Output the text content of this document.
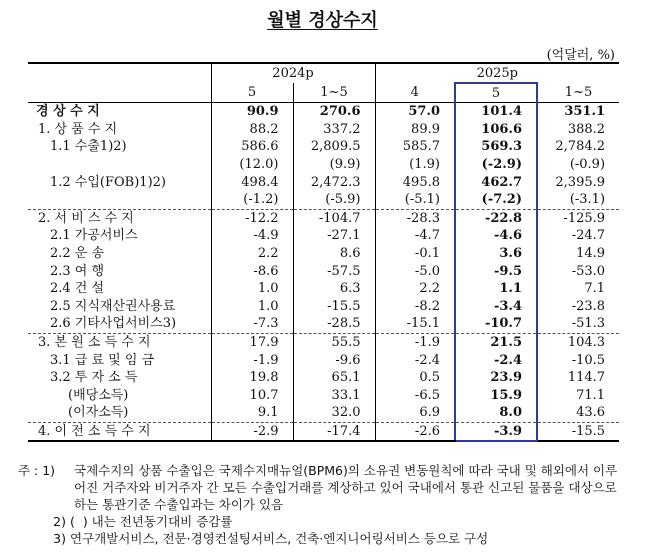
월별 경상수지
(억달러, %)
	2024p		2025p		
	5	1~5	4	5	1~5
경 상 수 지	90.9	270.6	57.0	101.4	351.1
1. 상 품 수 지	88.2	337.2	89.9	106.6	388.2
1.1 수출1)2)	586.6	2,809.5	585.7	569.3	2,784.2
	(12.0)	(9.9)	(1.9)	(-2.9)	(-0.9)
1.2 수입(FOB)1)2)	498.4	2,472.3	495.8	462.7	2,395.9
	(-1.2)	(-5.9)	(-5.1)	(-7.2)	(-3.1)
2. 서 비 스 수 지	-12.2	-104.7	-28.3	-22.8	-125.9
2.1 가공서비스	-4.9	-27.1	-4.7	-4.6	-24.7
2.2 운 송	2.2	8.6	-0.1	3.6	14.9
2.3 여 행	-8.6	-57.5	-5.0	-9.5	-53.0
2.4 건 설	1.0	6.3	2.2	1.1	7.1
2.5 지식재산권사용료	1.0	-15.5	-8.2	-3.4	-23.8
2.6 기타사업서비스3)	-7.3	-28.5	-15.1	-10.7	-51.3
3. 본 원 소 득 수 지	17.9	55.5	-1.9	21.5	104.3
3.1 급 료 및 임 금	-1.9	-9.6	-2.4	-2.4	-10.5
3.2 투 자 소 득	19.8	65.1	0.5	23.9	114.7
(배당소득)	10.7	33.1	-6.5	15.9	71.1
(이자소득)	9.1	32.0	6.9	8.0	43.6
4. 이 전 소 득 수 지	-2.9	-17.4	-2.6	-3.9	-15.5
주 : 1)	국제수지의 상품 수출입은 국제수지매뉴얼(BPM6)의 소유권 변동원칙에 따라 국내 및 해외에서 이루어진 거주자와 비거주자 간 모든 수출입거래를 계상하고 있어 국내에서 통관 신고된 물품을 대상으로 하는 통관기준 수출입과는 차이가 있음
2) (  ) 내는 전년동기대비 증감률
3) 연구개발서비스, 전문·경영컨설팅서비스, 건축·엔지니어링서비스 등으로 구성
